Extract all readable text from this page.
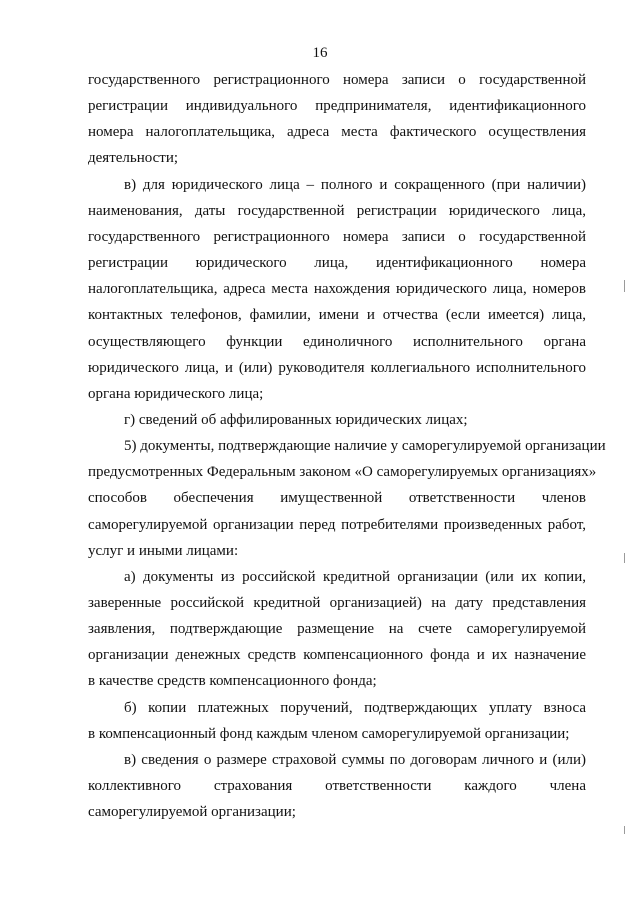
16
государственного регистрационного номера записи о государственной
регистрации индивидуального предпринимателя, идентификационного
номера налогоплательщика, адреса места фактического осуществления
деятельности;
в) для юридического лица – полного и сокращенного (при наличии)
наименования, даты государственной регистрации юридического лица,
государственного регистрационного номера записи о государственной
регистрации юридического лица, идентификационного номера
налогоплательщика, адреса места нахождения юридического лица, номеров
контактных телефонов, фамилии, имени и отчества (если имеется) лица,
осуществляющего функции единоличного исполнительного органа
юридического лица, и (или) руководителя коллегиального исполнительного
органа юридического лица;
г) сведений об аффилированных юридических лицах;
5) документы, подтверждающие наличие у саморегулируемой организации
предусмотренных Федеральным законом «О саморегулируемых организациях»
способов обеспечения имущественной ответственности членов
саморегулируемой организации перед потребителями произведенных работ,
услуг и иными лицами:
а) документы из российской кредитной организации (или их копии,
заверенные российской кредитной организацией) на дату представления
заявления, подтверждающие размещение на счете саморегулируемой
организации денежных средств компенсационного фонда и их назначение
в качестве средств компенсационного фонда;
б) копии платежных поручений, подтверждающих уплату взноса
в компенсационный фонд каждым членом саморегулируемой организации;
в) сведения о размере страховой суммы по договорам личного и (или)
коллективного страхования ответственности каждого члена
саморегулируемой организации;
